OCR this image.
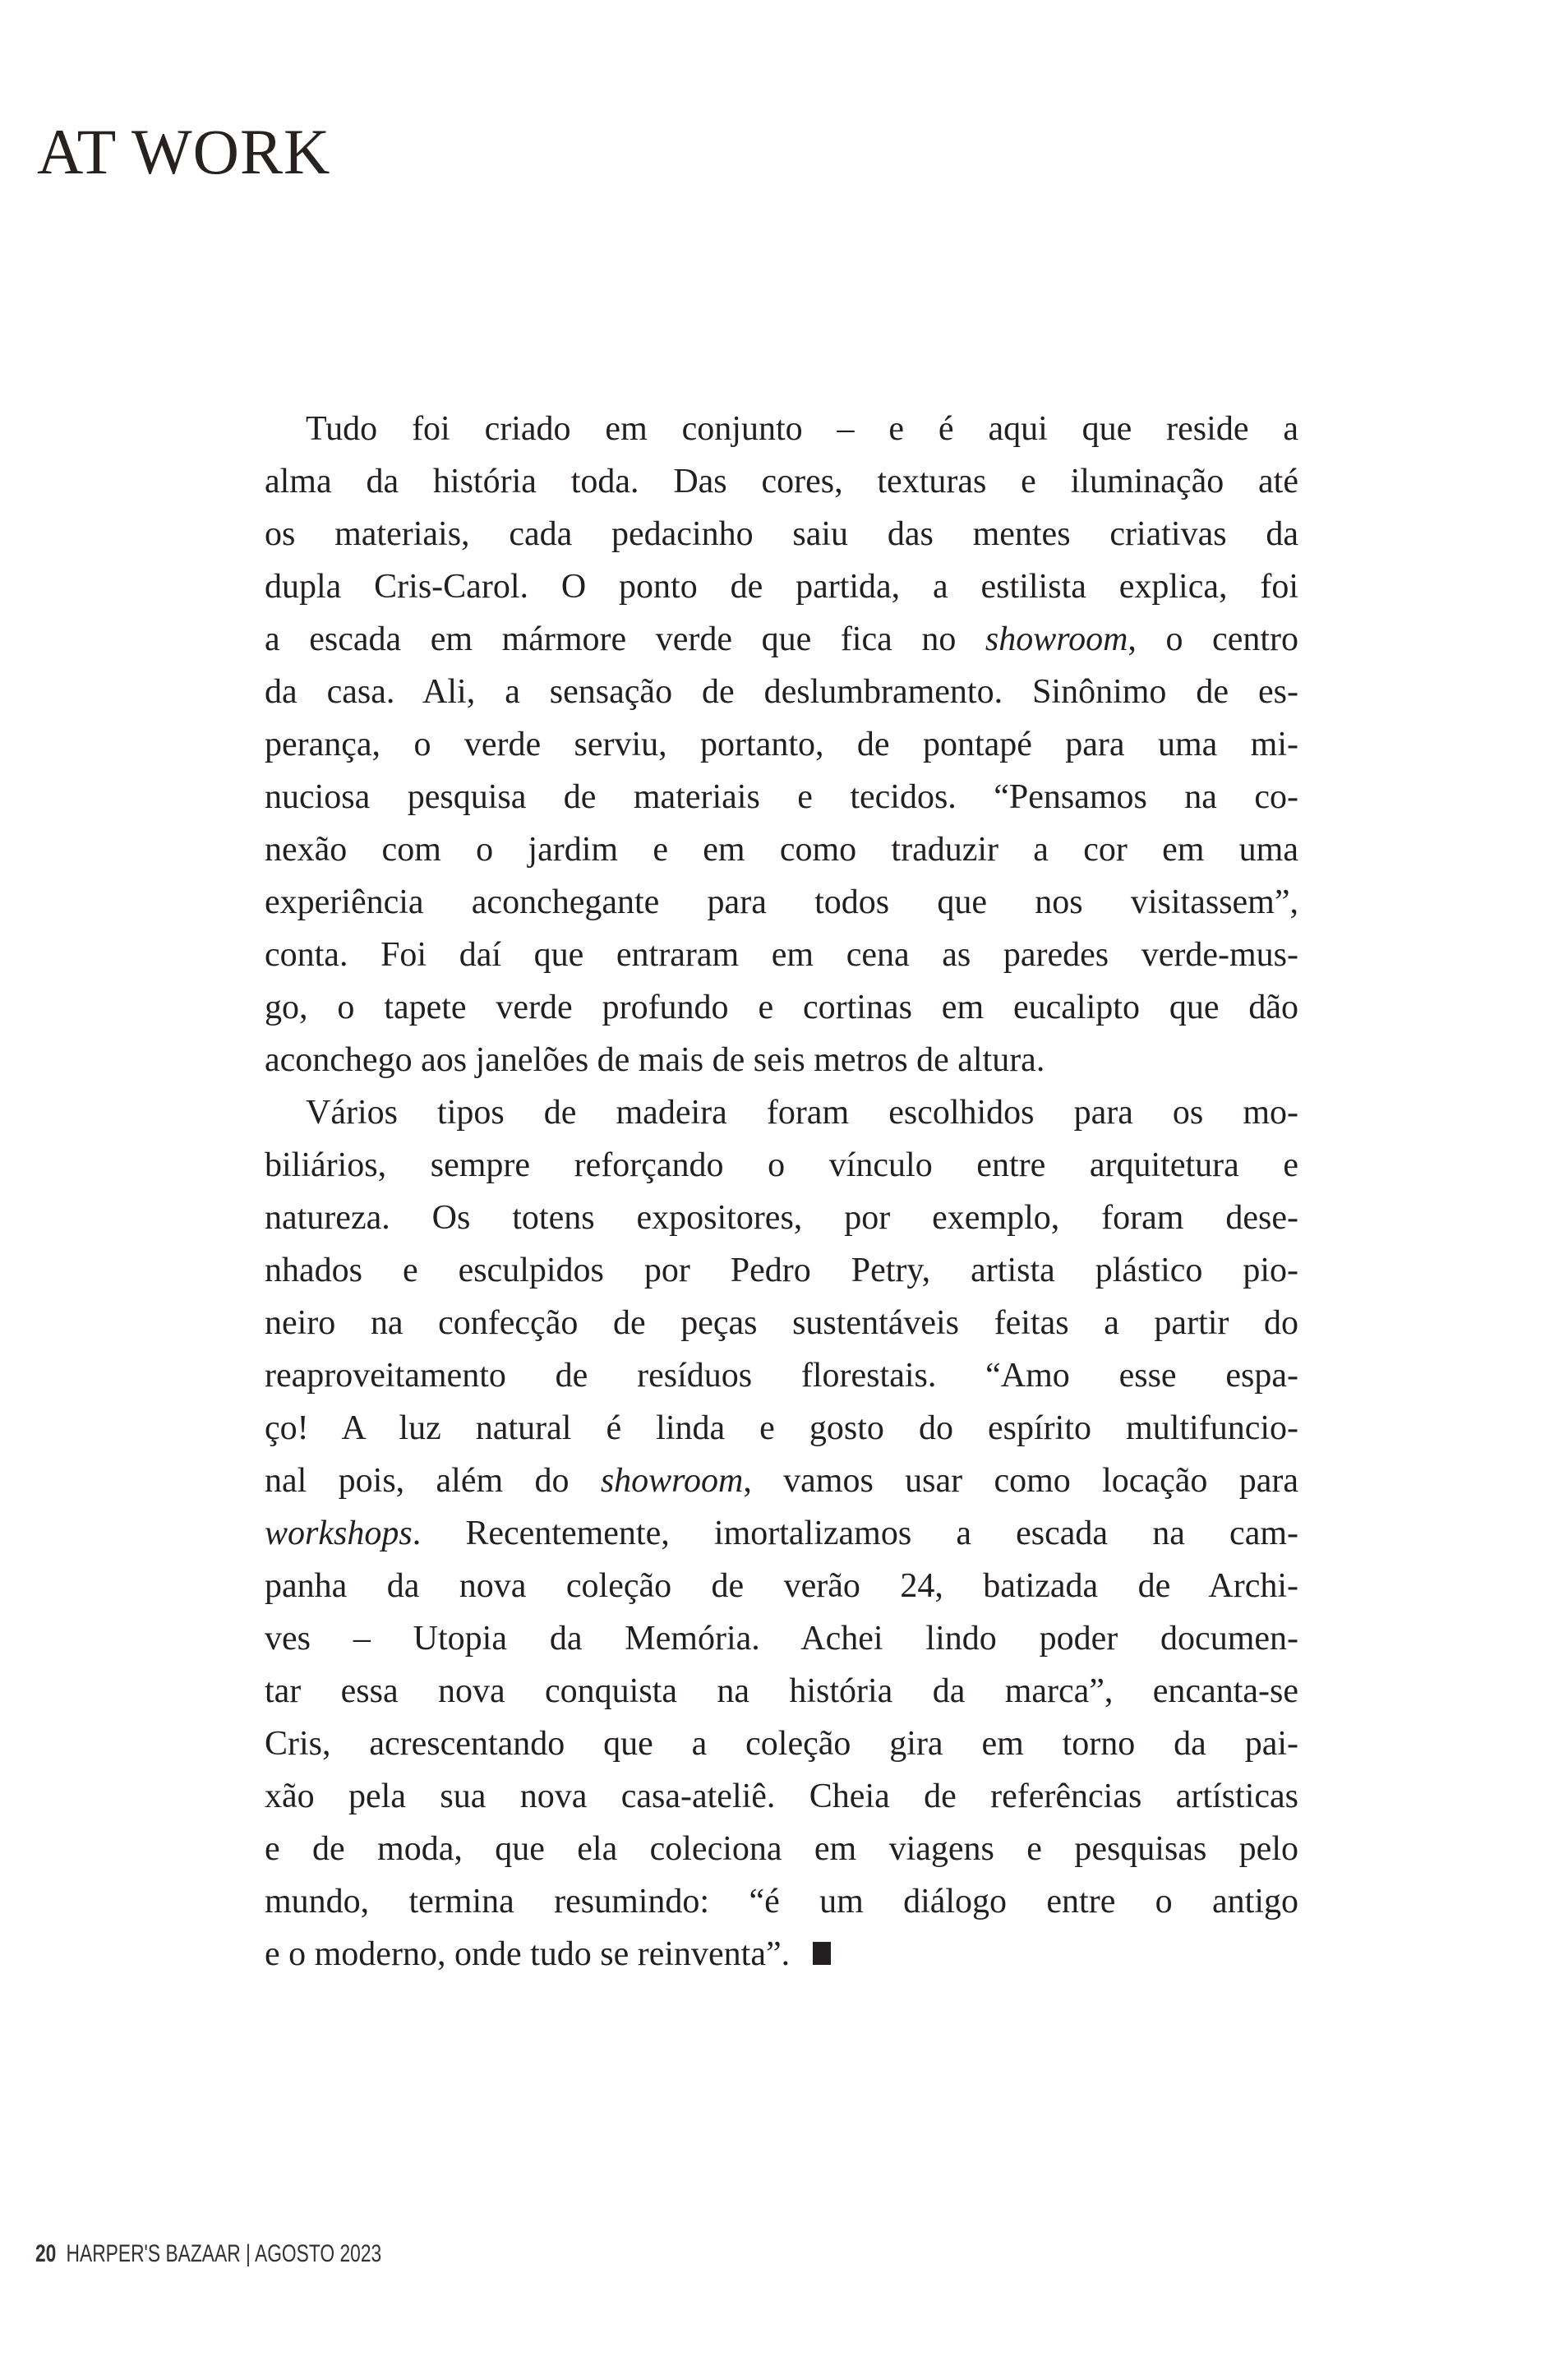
AT WORK
Tudo foi criado em conjunto – e é aqui que reside a
alma da história toda. Das cores, texturas e iluminação até
os materiais, cada pedacinho saiu das mentes criativas da
dupla Cris-Carol. O ponto de partida, a estilista explica, foi
a escada em mármore verde que fica no showroom, o centro
da casa. Ali, a sensação de deslumbramento. Sinônimo de es-
perança, o verde serviu, portanto, de pontapé para uma mi-
nuciosa pesquisa de materiais e tecidos. “Pensamos na co-
nexão com o jardim e em como traduzir a cor em uma
experiência aconchegante para todos que nos visitassem”,
conta. Foi daí que entraram em cena as paredes verde-mus-
go, o tapete verde profundo e cortinas em eucalipto que dão
aconchego aos janelões de mais de seis metros de altura.
Vários tipos de madeira foram escolhidos para os mo-
biliários, sempre reforçando o vínculo entre arquitetura e
natureza. Os totens expositores, por exemplo, foram dese-
nhados e esculpidos por Pedro Petry, artista plástico pio-
neiro na confecção de peças sustentáveis feitas a partir do
reaproveitamento de resíduos florestais. “Amo esse espa-
ço! A luz natural é linda e gosto do espírito multifuncio-
nal pois, além do showroom, vamos usar como locação para
workshops. Recentemente, imortalizamos a escada na cam-
panha da nova coleção de verão 24, batizada de Archi-
ves – Utopia da Memória. Achei lindo poder documen-
tar essa nova conquista na história da marca”, encanta-se
Cris, acrescentando que a coleção gira em torno da pai-
xão pela sua nova casa-ateliê. Cheia de referências artísticas
e de moda, que ela coleciona em viagens e pesquisas pelo
mundo, termina resumindo: “é um diálogo entre o antigo
e o moderno, onde tudo se reinventa”.
20 HARPER'S BAZAAR | AGOSTO 2023
